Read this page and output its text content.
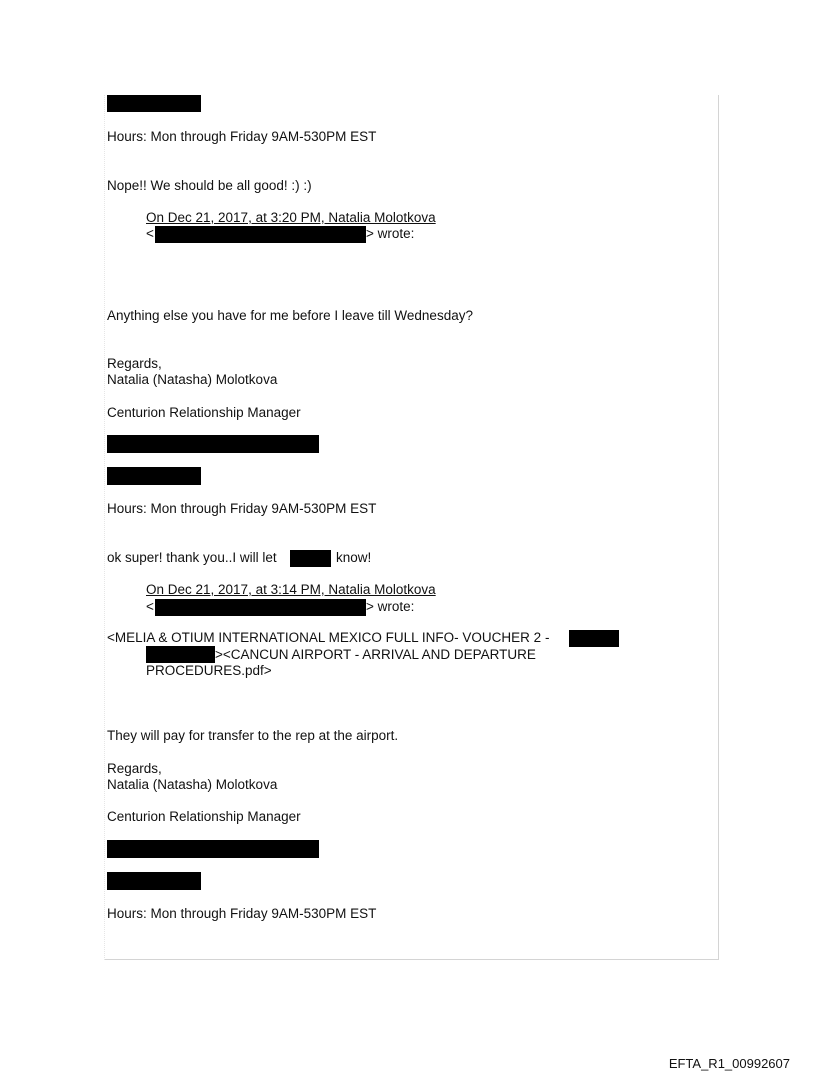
Hours: Mon through Friday 9AM-530PM EST
Nope!! We should be all good! :) :)
On Dec 21, 2017, at 3:20 PM, Natalia Molotkova
<	> wrote:
Anything else you have for me before I leave till Wednesday?
Regards,
Natalia (Natasha) Molotkova
Centurion Relationship Manager
Hours: Mon through Friday 9AM-530PM EST
ok super! thank you..I will let	know!
On Dec 21, 2017, at 3:14 PM, Natalia Molotkova
<	> wrote:
<MELIA & OTIUM INTERNATIONAL MEXICO FULL INFO- VOUCHER 2 -
><CANCUN AIRPORT - ARRIVAL AND DEPARTURE
PROCEDURES.pdf>
They will pay for transfer to the rep at the airport.
Regards,
Natalia (Natasha) Molotkova
Centurion Relationship Manager
Hours: Mon through Friday 9AM-530PM EST
EFTA_R1_00992607
